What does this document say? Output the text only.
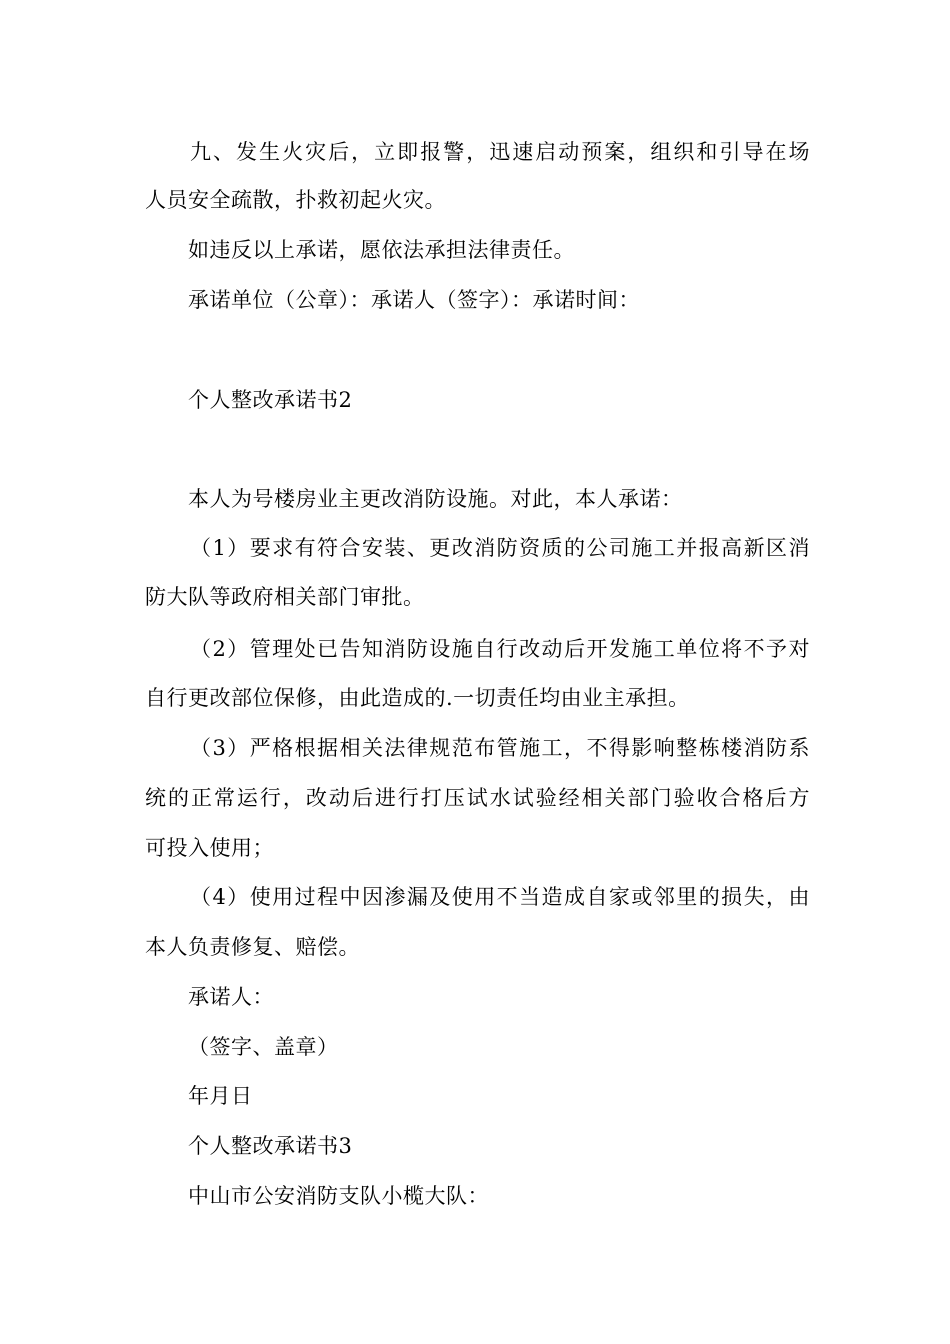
九、发生火灾后，立即报警，迅速启动预案，组织和引导在场
人员安全疏散，扑救初起火灾。
如违反以上承诺，愿依法承担法律责任。
承诺单位（公章）：承诺人（签字）：承诺时间：
个人整改承诺书2
本人为号楼房业主更改消防设施。对此，本人承诺：
（1）要求有符合安装、更改消防资质的公司施工并报高新区消
防大队等政府相关部门审批。
（2）管理处已告知消防设施自行改动后开发施工单位将不予对
自行更改部位保修，由此造成的.一切责任均由业主承担。
（3）严格根据相关法律规范布管施工，不得影响整栋楼消防系
统的正常运行，改动后进行打压试水试验经相关部门验收合格后方
可投入使用；
（4）使用过程中因渗漏及使用不当造成自家或邻里的损失，由
本人负责修复、赔偿。
承诺人：
（签字、盖章）
年月日
个人整改承诺书3
中山市公安消防支队小榄大队：
